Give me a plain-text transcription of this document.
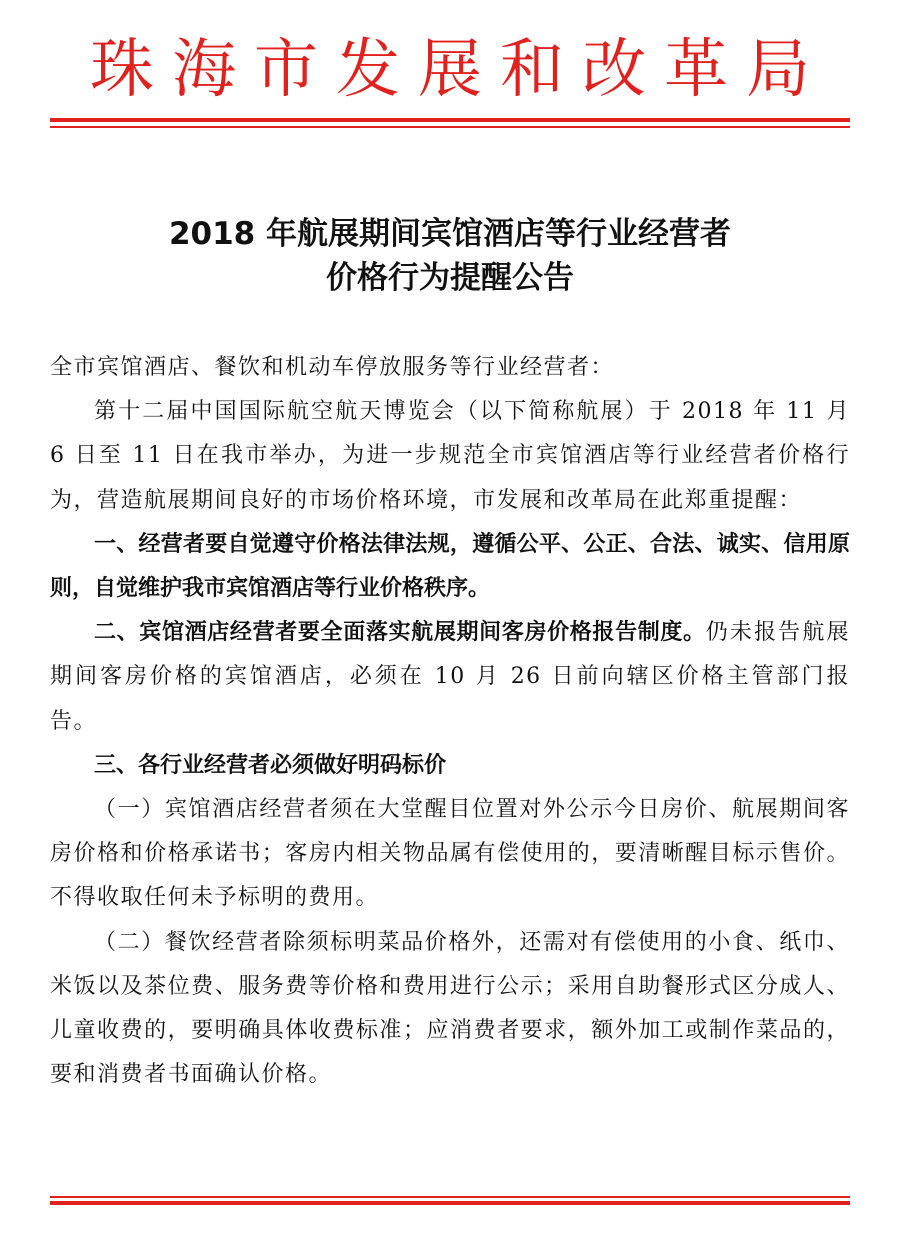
珠海市发展和改革局
2018 年航展期间宾馆酒店等行业经营者
价格行为提醒公告

全市宾馆酒店、餐饮和机动车停放服务等行业经营者：

第十二届中国国际航空航天博览会（以下简称航展）于 2018 年 11 月 6 日至 11 日在我市举办，为进一步规范全市宾馆酒店等行业经营者价格行为，营造航展期间良好的市场价格环境，市发展和改革局在此郑重提醒：

一、经营者要自觉遵守价格法律法规，遵循公平、公正、合法、诚实、信用原则，自觉维护我市宾馆酒店等行业价格秩序。

二、宾馆酒店经营者要全面落实航展期间客房价格报告制度。仍未报告航展期间客房价格的宾馆酒店，必须在 10 月 26 日前向辖区价格主管部门报告。

三、各行业经营者必须做好明码标价

（一）宾馆酒店经营者须在大堂醒目位置对外公示今日房价、航展期间客房价格和价格承诺书；客房内相关物品属有偿使用的，要清晰醒目标示售价。不得收取任何未予标明的费用。

（二）餐饮经营者除须标明菜品价格外，还需对有偿使用的小食、纸巾、米饭以及茶位费、服务费等价格和费用进行公示；采用自助餐形式区分成人、儿童收费的，要明确具体收费标准；应消费者要求，额外加工或制作菜品的，要和消费者书面确认价格。
